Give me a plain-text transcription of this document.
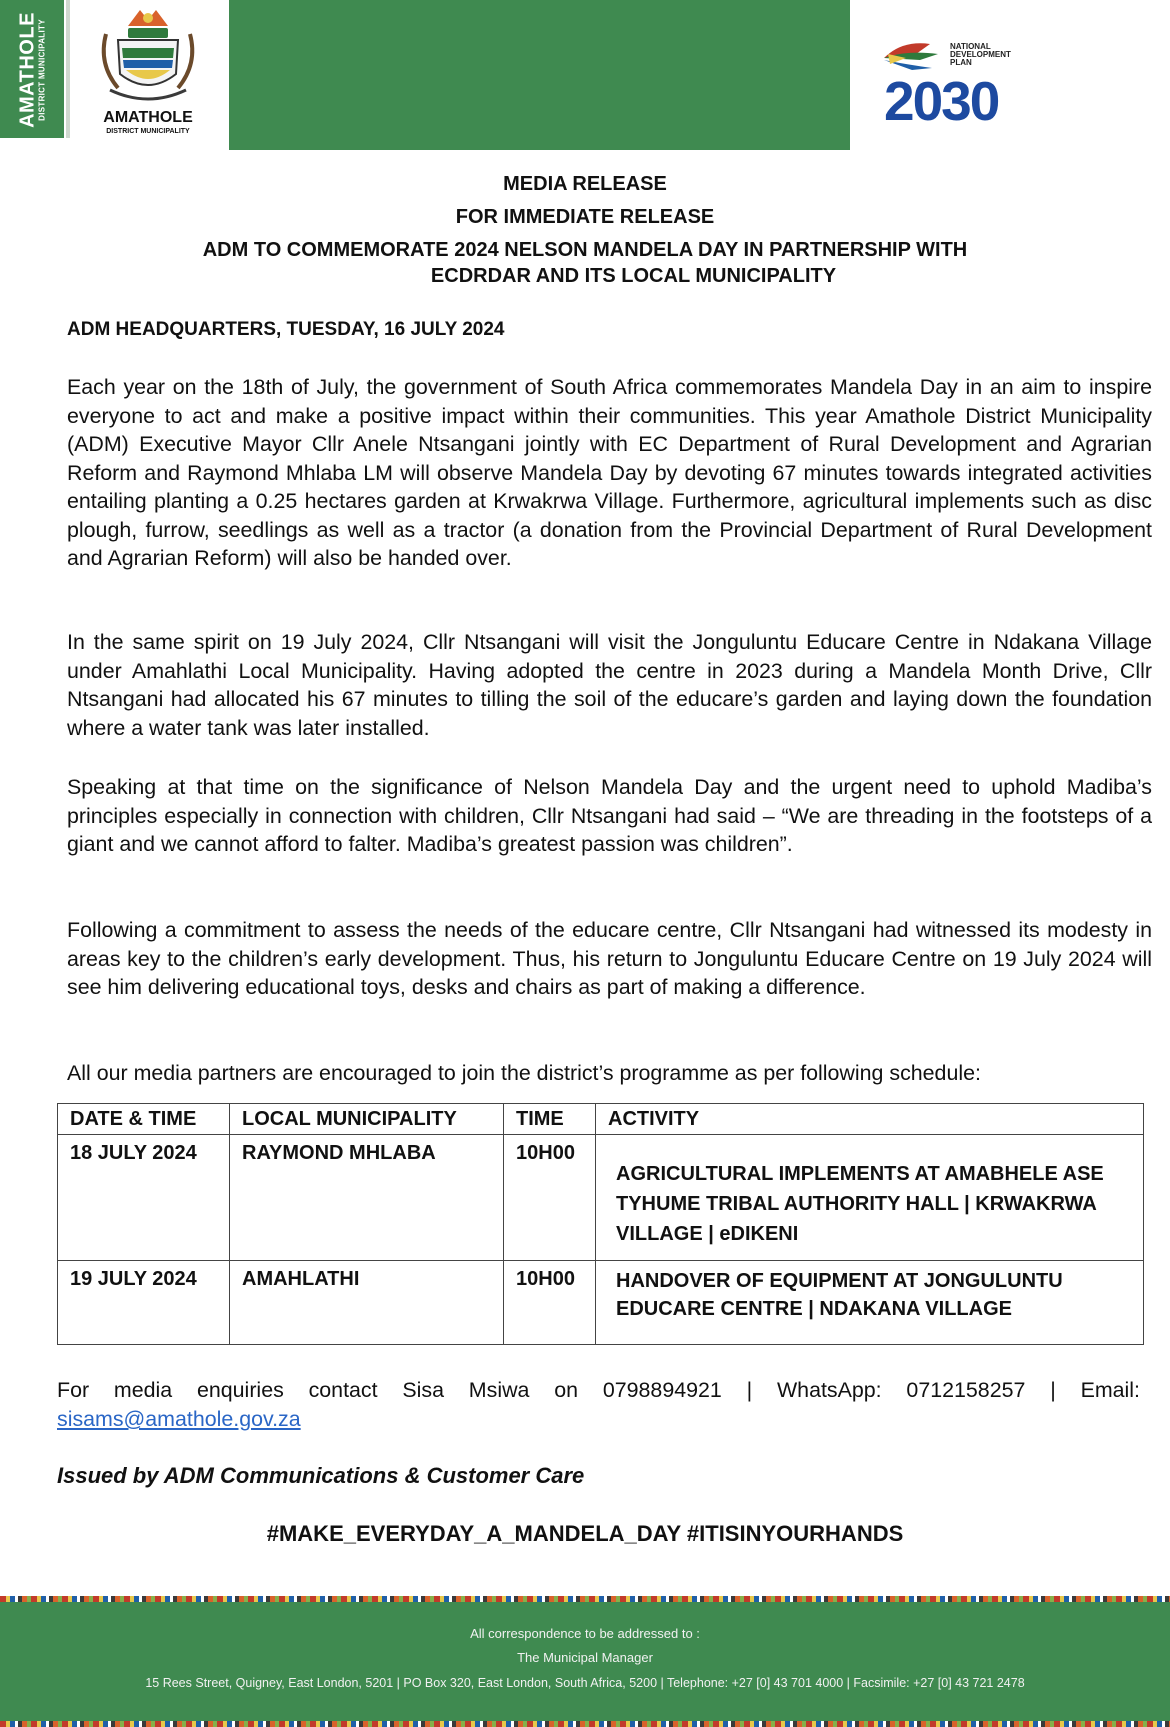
AMATHOLE DISTRICT MUNICIPALITY	AMATHOLE
DISTRICT MUNICIPALITY
NATIONAL DEVELOPMENT PLAN
2030
MEDIA RELEASE
FOR IMMEDIATE RELEASE
ADM TO COMMEMORATE 2024 NELSON MANDELA DAY IN PARTNERSHIP WITH
ECDRDAR AND ITS LOCAL MUNICIPALITY
ADM HEADQUARTERS, TUESDAY, 16 JULY 2024

Each year on the 18th of July, the government of South Africa commemorates Mandela Day in an aim to inspire everyone to act and make a positive impact within their communities. This year Amathole District Municipality (ADM) Executive Mayor Cllr Anele Ntsangani jointly with EC Department of Rural Development and Agrarian Reform and Raymond Mhlaba LM will observe Mandela Day by devoting 67 minutes towards integrated activities entailing planting a 0.25 hectares garden at Krwakrwa Village. Furthermore, agricultural implements such as disc plough, furrow, seedlings as well as a tractor (a donation from the Provincial Department of Rural Development and Agrarian Reform) will also be handed over.

In the same spirit on 19 July 2024, Cllr Ntsangani will visit the Jonguluntu Educare Centre in Ndakana Village under Amahlathi Local Municipality. Having adopted the centre in 2023 during a Mandela Month Drive, Cllr Ntsangani had allocated his 67 minutes to tilling the soil of the educare’s garden and laying down the foundation where a water tank was later installed.

Speaking at that time on the significance of Nelson Mandela Day and the urgent need to uphold Madiba’s principles especially in connection with children, Cllr Ntsangani had said – “We are threading in the footsteps of a giant and we cannot afford to falter. Madiba’s greatest passion was children”.

Following a commitment to assess the needs of the educare centre, Cllr Ntsangani had witnessed its modesty in areas key to the children’s early development. Thus, his return to Jonguluntu Educare Centre on 19 July 2024 will see him delivering educational toys, desks and chairs as part of making a difference.

All our media partners are encouraged to join the district’s programme as per following schedule:

DATE & TIME	LOCAL MUNICIPALITY	TIME	ACTIVITY
18 JULY 2024	RAYMOND MHLABA	10H00	AGRICULTURAL IMPLEMENTS AT AMABHELE ASE TYHUME TRIBAL AUTHORITY HALL | KRWAKRWA VILLAGE | eDIKENI
19 JULY 2024	AMAHLATHI	10H00	HANDOVER OF EQUIPMENT AT JONGULUNTU EDUCARE CENTRE | NDAKANA VILLAGE
For media enquiries contact Sisa Msiwa on 0798894921 | WhatsApp: 0712158257 | Email: sisams@amathole.gov.za
Issued by ADM Communications & Customer Care
#MAKE_EVERYDAY_A_MANDELA_DAY #ITISINYOURHANDS
All correspondence to be addressed to :
The Municipal Manager
15 Rees Street, Quigney, East London, 5201 | PO Box 320, East London, South Africa, 5200 | Telephone: +27 [0] 43 701 4000 | Facsimile: +27 [0] 43 721 2478
